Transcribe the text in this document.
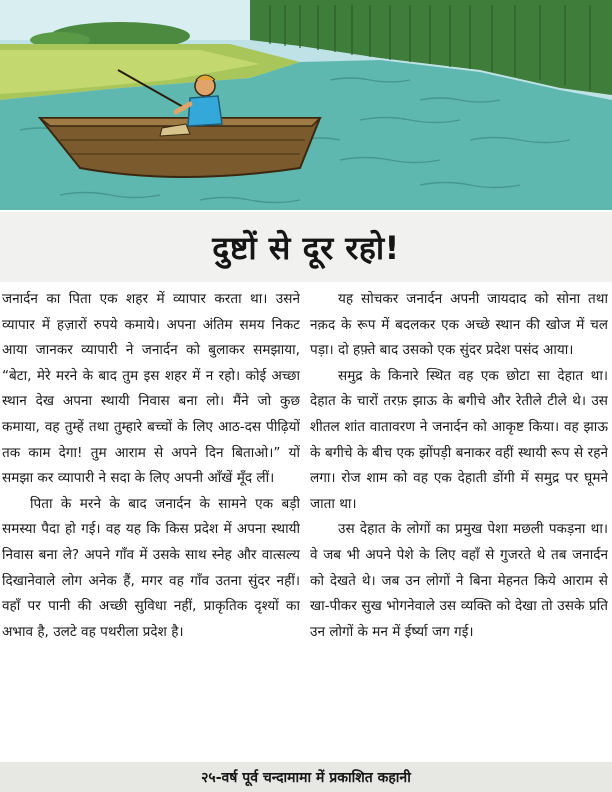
दुष्टों से दूर रहो!

जनार्दन का पिता एक शहर में व्यापार करता था। उसने व्यापार में हज़ारों रुपये कमाये। अपना अंतिम समय निकट आया जानकर व्यापारी ने जनार्दन को बुलाकर समझाया, “बेटा, मेरे मरने के बाद तुम इस शहर में न रहो। कोई अच्छा स्थान देख अपना स्थायी निवास बना लो। मैंने जो कुछ कमाया, वह तुम्हें तथा तुम्हारे बच्चों के लिए आठ-दस पीढ़ियों तक काम देगा! तुम आराम से अपने दिन बिताओ।” यों समझा कर व्यापारी ने सदा के लिए अपनी आँखें मूँद लीं।

पिता के मरने के बाद जनार्दन के सामने एक बड़ी समस्या पैदा हो गई। वह यह कि किस प्रदेश में अपना स्थायी निवास बना ले? अपने गाँव में उसके साथ स्नेह और वात्सल्य दिखानेवाले लोग अनेक हैं, मगर वह गाँव उतना सुंदर नहीं। वहाँ पर पानी की अच्छी सुविधा नहीं, प्राकृतिक दृश्यों का अभाव है, उलटे वह पथरीला प्रदेश है।

यह सोचकर जनार्दन अपनी जायदाद को सोना तथा नक़द के रूप में बदलकर एक अच्छे स्थान की खोज में चल पड़ा। दो हफ़्ते बाद उसको एक सुंदर प्रदेश पसंद आया।

समुद्र के किनारे स्थित वह एक छोटा सा देहात था। देहात के चारों तरफ़ झाऊ के बगीचे और रेतीले टीले थे। उस शीतल शांत वातावरण ने जनार्दन को आकृष्ट किया। वह झाऊ के बगीचे के बीच एक झोंपड़ी बनाकर वहीं स्थायी रूप से रहने लगा। रोज शाम को वह एक देहाती डोंगी में समुद्र पर घूमने जाता था।

उस देहात के लोगों का प्रमुख पेशा मछली पकड़ना था। वे जब भी अपने पेशे के लिए वहाँ से गुजरते थे तब जनार्दन को देखते थे। जब उन लोगों ने बिना मेहनत किये आराम से खा-पीकर सुख भोगनेवाले उस व्यक्ति को देखा तो उसके प्रति उन लोगों के मन में ईर्ष्या जग गई।

२५-वर्ष पूर्व चन्दामामा में प्रकाशित कहानी
